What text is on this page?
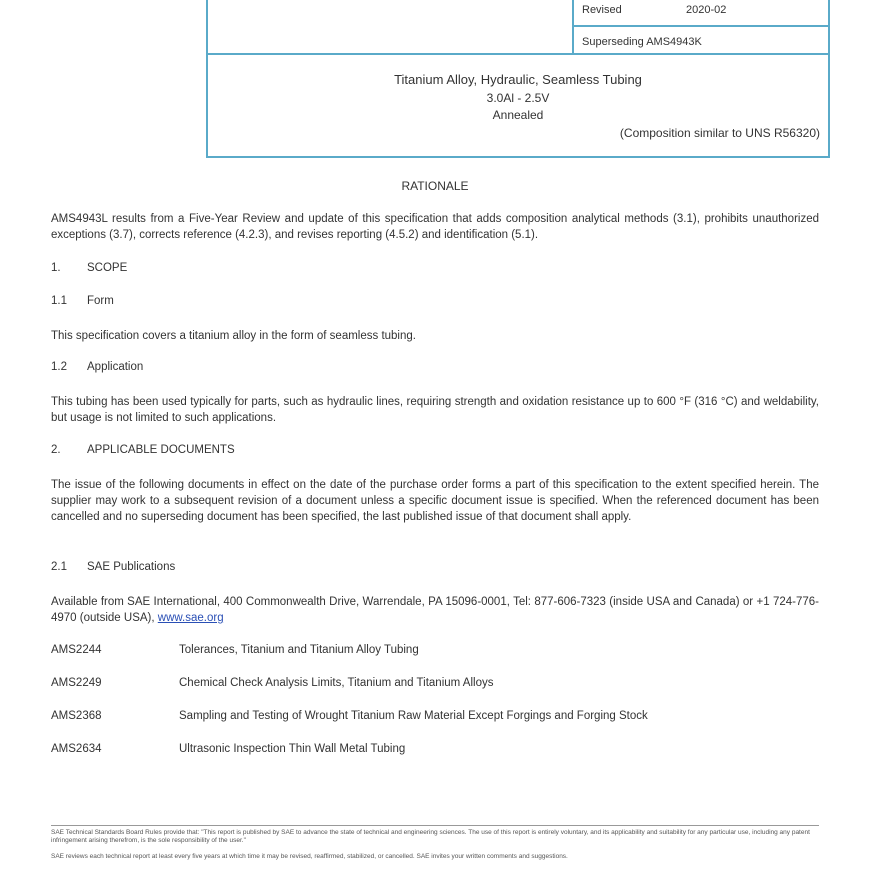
Revised	2020-02
Superseding AMS4943K
Titanium Alloy, Hydraulic, Seamless Tubing
3.0Al - 2.5V
Annealed
(Composition similar to UNS R56320)
RATIONALE
AMS4943L results from a Five-Year Review and update of this specification that adds composition analytical methods (3.1), prohibits unauthorized exceptions (3.7), corrects reference (4.2.3), and revises reporting (4.5.2) and identification (5.1).
1. SCOPE
1.1 Form
This specification covers a titanium alloy in the form of seamless tubing.
1.2 Application
This tubing has been used typically for parts, such as hydraulic lines, requiring strength and oxidation resistance up to 600 °F (316 °C) and weldability, but usage is not limited to such applications.
2. APPLICABLE DOCUMENTS
The issue of the following documents in effect on the date of the purchase order forms a part of this specification to the extent specified herein. The supplier may work to a subsequent revision of a document unless a specific document issue is specified. When the referenced document has been cancelled and no superseding document has been specified, the last published issue of that document shall apply.
2.1 SAE Publications
Available from SAE International, 400 Commonwealth Drive, Warrendale, PA 15096-0001, Tel: 877-606-7323 (inside USA and Canada) or +1 724-776-4970 (outside USA), www.sae.org
AMS2244	Tolerances, Titanium and Titanium Alloy Tubing
AMS2249	Chemical Check Analysis Limits, Titanium and Titanium Alloys
AMS2368	Sampling and Testing of Wrought Titanium Raw Material Except Forgings and Forging Stock
AMS2634	Ultrasonic Inspection Thin Wall Metal Tubing
SAE Technical Standards Board Rules provide that: "This report is published by SAE to advance the state of technical and engineering sciences. The use of this report is entirely voluntary, and its applicability and suitability for any particular use, including any patent infringement arising therefrom, is the sole responsibility of the user."
SAE reviews each technical report at least every five years at which time it may be revised, reaffirmed, stabilized, or cancelled. SAE invites your written comments and suggestions.
